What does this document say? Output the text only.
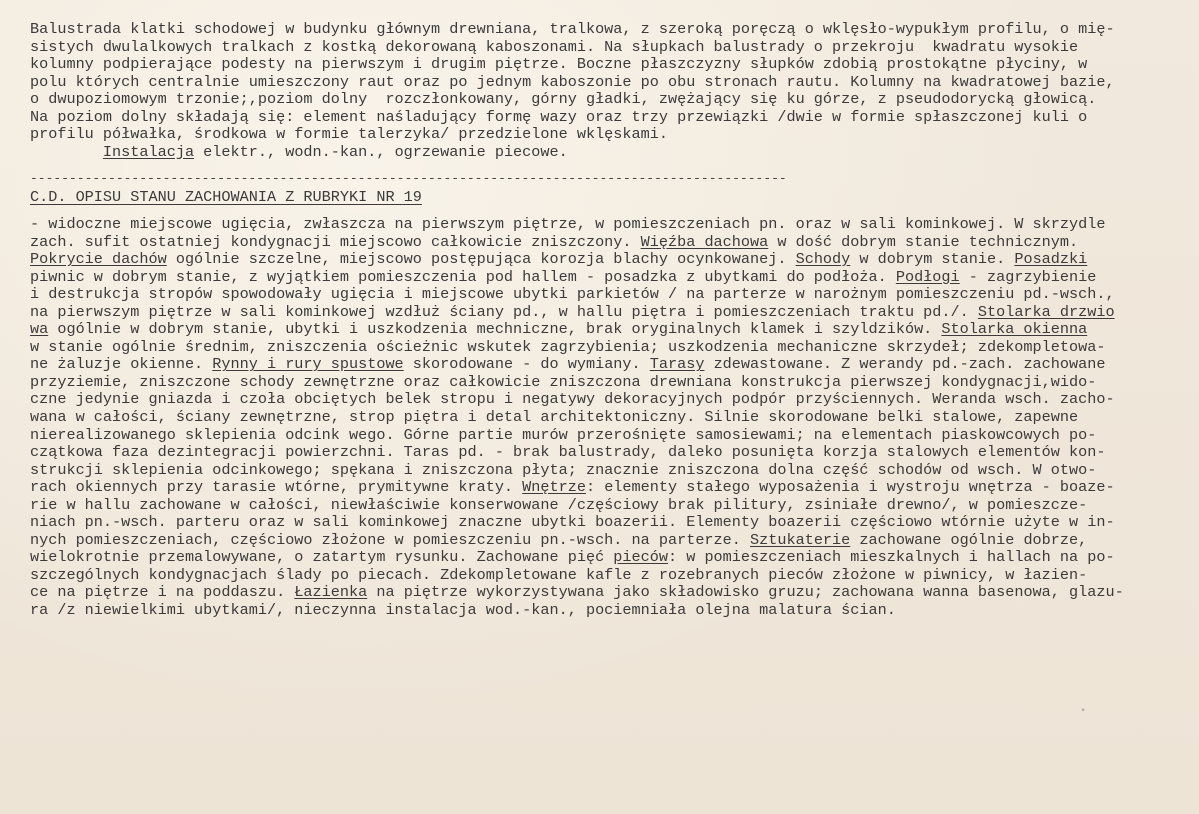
Balustrada klatki schodowej w budynku głównym drewniana, tralkowa, z szeroką poręczą o wklęsło-wypukłym profilu, o mię-
sistych dwulalkowych tralkach z kostką dekorowaną kaboszonami. Na słupkach balustrady o przekroju  kwadratu wysokie
kolumny podpierające podesty na pierwszym i drugim piętrze. Boczne płaszczyzny słupków zdobią prostokątne płyciny, w
polu których centralnie umieszczony raut oraz po jednym kaboszonie po obu stronach rautu. Kolumny na kwadratowej bazie,
o dwupoziomowym trzonie;,poziom dolny  rozczłonkowany, górny gładki, zwężający się ku górze, z pseudodorycką głowicą.
Na poziom dolny składają się: element naśladujący formę wazy oraz trzy przewiązki /dwie w formie spłaszczonej kuli o
profilu półwałka, środkowa w formie talerzyka/ przedzielone wklęskami.
Instalacja elektr., wodn.-kan., ogrzewanie piecowe.
-------------------------------------------------------------------------------------------------
C.D. OPISU STANU ZACHOWANIA Z RUBRYKI NR 19
- widoczne miejscowe ugięcia, zwłaszcza na pierwszym piętrze, w pomieszczeniach pn. oraz w sali kominkowej. W skrzydle
zach. sufit ostatniej kondygnacji miejscowo całkowicie zniszczony. Więźba dachowa w dość dobrym stanie technicznym.
Pokrycie dachów ogólnie szczelne, miejscowo postępująca korozja blachy ocynkowanej. Schody w dobrym stanie. Posadzki
piwnic w dobrym stanie, z wyjątkiem pomieszczenia pod hallem - posadzka z ubytkami do podłoża. Podłogi - zagrzybienie
i destrukcja stropów spowodowały ugięcia i miejscowe ubytki parkietów / na parterze w narożnym pomieszczeniu pd.-wsch.,
na pierwszym piętrze w sali kominkowej wzdłuż ściany pd., w hallu piętra i pomieszczeniach traktu pd./. Stolarka drzwio
wa ogólnie w dobrym stanie, ubytki i uszkodzenia mechniczne, brak oryginalnych klamek i szyldzików. Stolarka okienna
w stanie ogólnie średnim, zniszczenia ościeżnic wskutek zagrzybienia; uszkodzenia mechaniczne skrzydeł; zdekompletowa-
ne żaluzje okienne. Rynny i rury spustowe skorodowane - do wymiany. Tarasy zdewastowane. Z werandy pd.-zach. zachowane
przyziemie, zniszczone schody zewnętrzne oraz całkowicie zniszczona drewniana konstrukcja pierwszej kondygnacji,wido-
czne jedynie gniazda i czoła obciętych belek stropu i negatywy dekoracyjnych podpór przyściennych. Weranda wsch. zacho-
wana w całości, ściany zewnętrzne, strop piętra i detal architektoniczny. Silnie skorodowane belki stalowe, zapewne
nierealizowanego sklepienia odcink wego. Górne partie murów przerośnięte samosiewami; na elementach piaskowcowych po-
czątkowa faza dezintegracji powierzchni. Taras pd. - brak balustrady, daleko posunięta korzja stalowych elementów kon-
strukcji sklepienia odcinkowego; spękana i zniszczona płyta; znacznie zniszczona dolna część schodów od wsch. W otwo-
rach okiennych przy tarasie wtórne, prymitywne kraty. Wnętrze: elementy stałego wyposażenia i wystroju wnętrza - boaze-
rie w hallu zachowane w całości, niewłaściwie konserwowane /częściowy brak pilitury, zsiniałe drewno/, w pomieszcze-
niach pn.-wsch. parteru oraz w sali kominkowej znaczne ubytki boazerii. Elementy boazerii częściowo wtórnie użyte w in-
nych pomieszczeniach, częściowo złożone w pomieszczeniu pn.-wsch. na parterze. Sztukaterie zachowane ogólnie dobrze,
wielokrotnie przemalowywane, o zatartym rysunku. Zachowane pięć pieców: w pomieszczeniach mieszkalnych i hallach na po-
szczególnych kondygnacjach ślady po piecach. Zdekompletowane kafle z rozebranych pieców złożone w piwnicy, w łazien-
ce na piętrze i na poddaszu. Łazienka na piętrze wykorzystywana jako składowisko gruzu; zachowana wanna basenowa, glazu-
ra /z niewielkimi ubytkami/, nieczynna instalacja wod.-kan., pociemniała olejna malatura ścian.
▪
